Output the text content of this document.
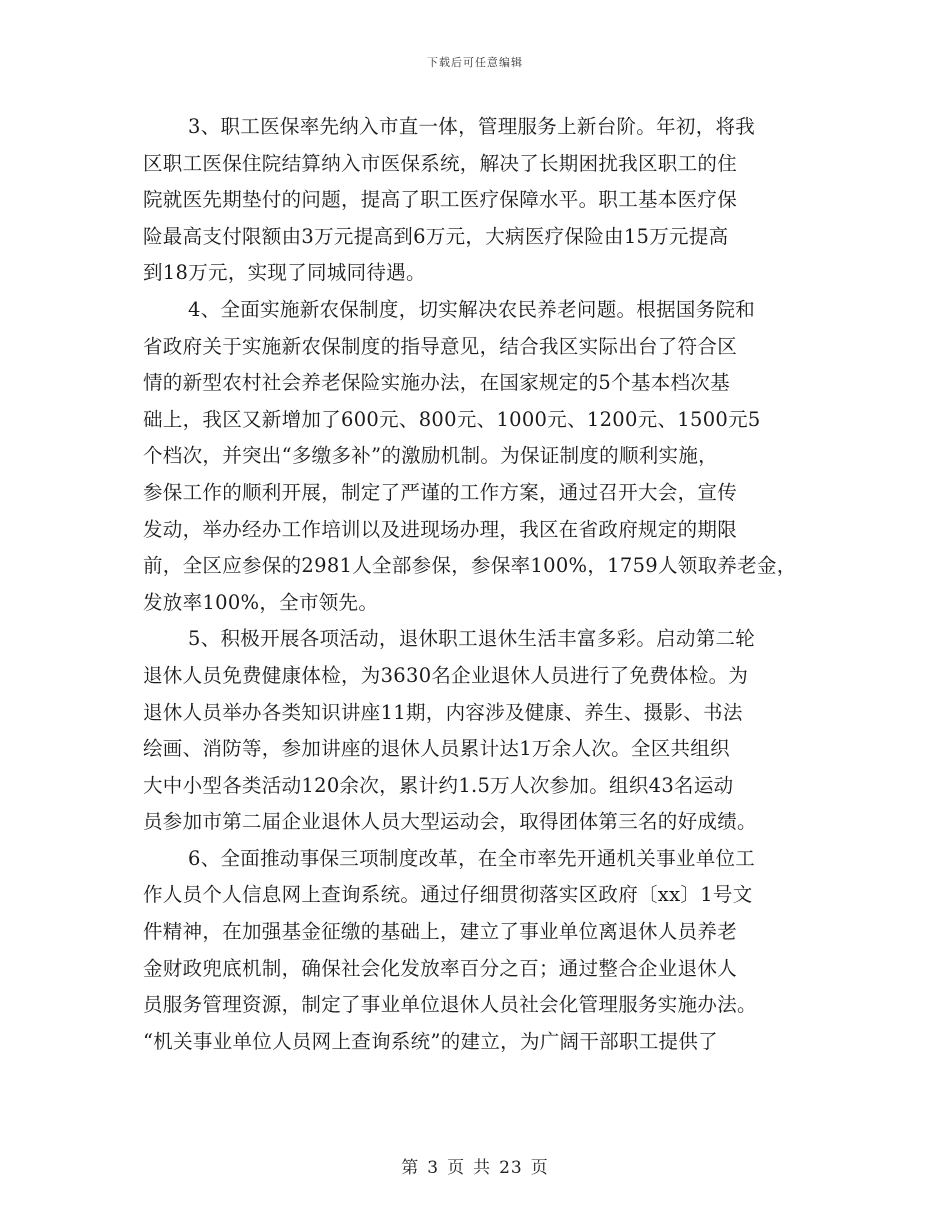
下载后可任意编辑
3、职工医保率先纳入市直一体，管理服务上新台阶。年初，将我
区职工医保住院结算纳入市医保系统，解决了长期困扰我区职工的住
院就医先期垫付的问题，提高了职工医疗保障水平。职工基本医疗保
险最高支付限额由3万元提高到6万元，大病医疗保险由15万元提高
到18万元，实现了同城同待遇。
4、全面实施新农保制度，切实解决农民养老问题。根据国务院和
省政府关于实施新农保制度的指导意见，结合我区实际出台了符合区
情的新型农村社会养老保险实施办法，在国家规定的5个基本档次基
础上，我区又新增加了600元、800元、1000元、1200元、1500元5
个档次，并突出“多缴多补”的激励机制。为保证制度的顺利实施，
参保工作的顺利开展，制定了严谨的工作方案，通过召开大会，宣传
发动，举办经办工作培训以及进现场办理，我区在省政府规定的期限
前，全区应参保的2981人全部参保，参保率100%，1759人领取养老金，
发放率100%，全市领先。
5、积极开展各项活动，退休职工退休生活丰富多彩。启动第二轮
退休人员免费健康体检，为3630名企业退休人员进行了免费体检。为
退休人员举办各类知识讲座11期，内容涉及健康、养生、摄影、书法
绘画、消防等，参加讲座的退休人员累计达1万余人次。全区共组织
大中小型各类活动120余次，累计约1.5万人次参加。组织43名运动
员参加市第二届企业退休人员大型运动会，取得团体第三名的好成绩。
6、全面推动事保三项制度改革，在全市率先开通机关事业单位工
作人员个人信息网上查询系统。通过仔细贯彻落实区政府〔xx〕1号文
件精神，在加强基金征缴的基础上，建立了事业单位离退休人员养老
金财政兜底机制，确保社会化发放率百分之百；通过整合企业退休人
员服务管理资源，制定了事业单位退休人员社会化管理服务实施办法。
“机关事业单位人员网上查询系统”的建立，为广阔干部职工提供了
第 3 页 共 23 页
